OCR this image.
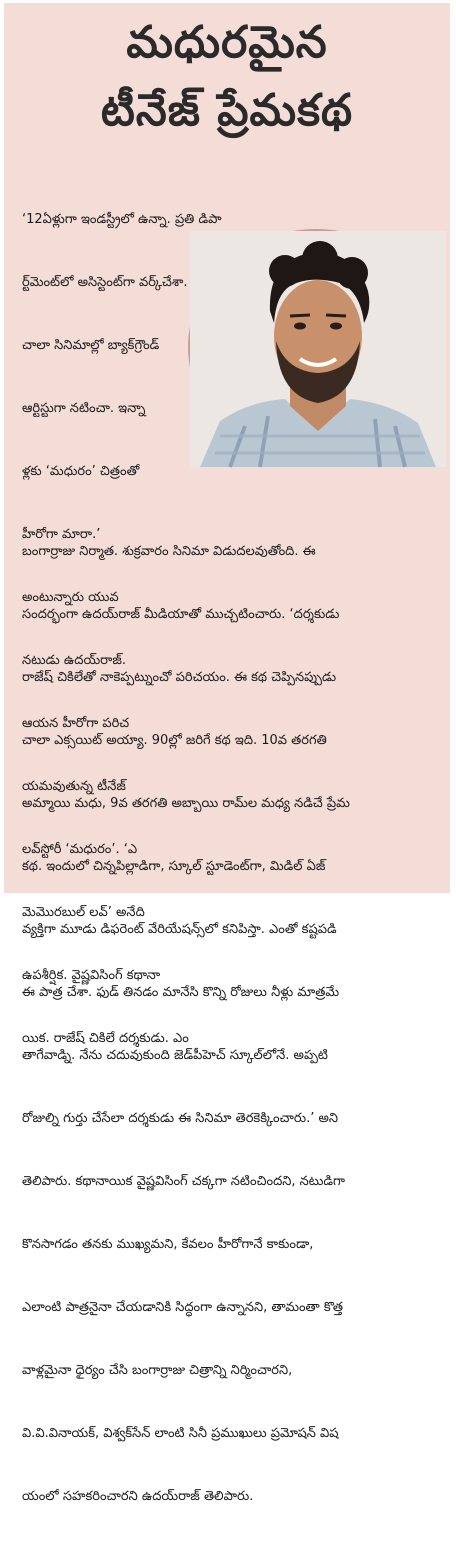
మధురమైన
టీనేజ్ ప్రేమకథ

‘12ఏళ్లుగా ఇండస్ట్రీలో ఉన్నా. ప్రతి డిపా

ర్ట్‌మెంట్‌లో అసిస్టెంట్‌గా వర్క్‌చేశా.

చాలా సినిమాల్లో బ్యాక్‌గ్రౌండ్

ఆర్టిస్టుగా నటించా. ఇన్నా

ళ్లకు ‘మధురం’ చిత్రంతో

హీరోగా మారా.’

అంటున్నారు యువ

నటుడు ఉదయ్‌రాజ్.

ఆయన హీరోగా పరిచ

యమవుతున్న టీనేజ్

లవ్‌స్టోరీ ‘మధురం’. ‘ఎ

మెమొరబుల్ లవ్’ అనేది

ఉపశీర్షిక. వైష్ణవిసింగ్ కథానా

యిక. రాజేష్ చికిలే దర్శకుడు. ఎం

బంగార్రాజు నిర్మాత. శుక్రవారం సినిమా విడుదలవుతోంది. ఈ

సందర్భంగా ఉదయ్‌రాజ్ మీడియాతో ముచ్చటించారు. ‘దర్శకుడు

రాజేష్ చికిలేతో నాకెప్పట్నుంచో పరిచయం. ఈ కథ చెప్పినప్పుడు

చాలా ఎక్సయిట్ అయ్యా. 90ల్లో జరిగే కథ ఇది. 10వ తరగతి

అమ్మాయి మధు, 9వ తరగతి అబ్బాయి రామ్‌ల మధ్య నడిచే ప్రేమ

కథ. ఇందులో చిన్నపిల్లాడిగా, స్కూల్ స్టూడెంట్‌గా, మిడిల్ ఏజ్

వ్యక్తిగా మూడు డిఫరెంట్ వేరియేషన్స్‌లో కనిపిస్తా. ఎంతో కష్టపడి

ఈ పాత్ర చేశా. ఫుడ్ తినడం మానేసి కొన్ని రోజులు నీళ్లు మాత్రమే

తాగేవాడ్ని. నేను చదువుకుంది జెడ్‌పీహెచ్ స్కూల్‌లోనే. అప్పటి

రోజుల్ని గుర్తు చేసేలా దర్శకుడు ఈ సినిమా తెరకెక్కించారు.’ అని

తెలిపారు. కథానాయిక వైష్ణవిసింగ్ చక్కగా నటించిందని, నటుడిగా

కొనసాగడం తనకు ముఖ్యమని, కేవలం హీరోగానే కాకుండా,

ఎలాంటి పాత్రనైనా చేయడానికి సిద్ధంగా ఉన్నానని, తామంతా కొత్త

వాళ్లమైనా ధైర్యం చేసి బంగార్రాజు చిత్రాన్ని నిర్మించారని,

వి.వి.వినాయక్, విశ్వక్‌సేన్ లాంటి సినీ ప్రముఖులు ప్రమోషన్ విష

యంలో సహకరించారని ఉదయ్‌రాజ్ తెలిపారు.
